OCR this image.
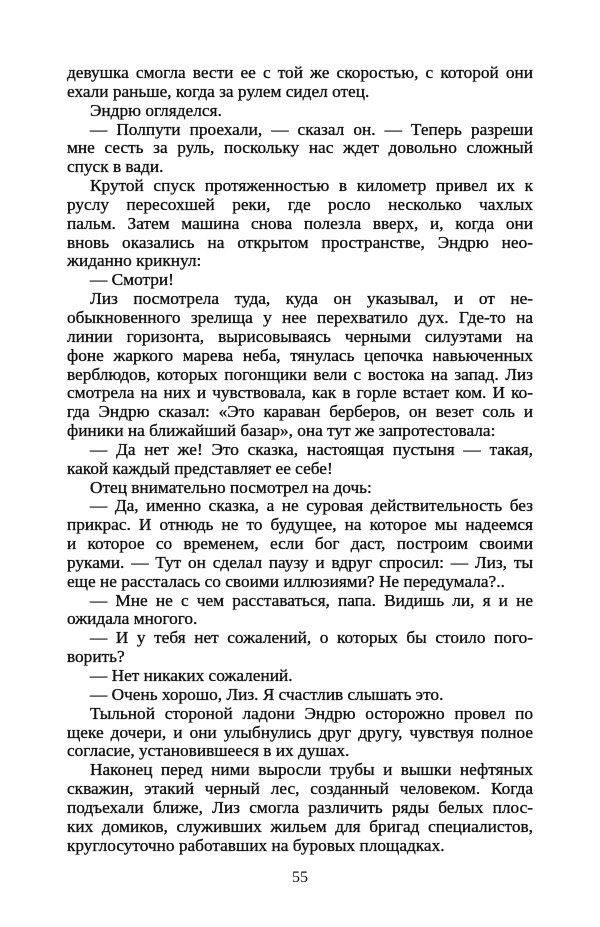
девушка смогла вести ее с той же скоростью, с которой они
ехали раньше, когда за рулем сидел отец.
Эндрю огляделся.
— Полпути проехали, — сказал он. — Теперь разреши
мне сесть за руль, поскольку нас ждет довольно сложный
спуск в вади.
Крутой спуск протяженностью в километр привел их к
руслу пересохшей реки, где росло несколько чахлых
пальм. Затем машина снова полезла вверх, и, когда они
вновь оказались на открытом пространстве, Эндрю нео-
жиданно крикнул:
— Смотри!
Лиз посмотрела туда, куда он указывал, и от не-
обыкновенного зрелища у нее перехватило дух. Где-то на
линии горизонта, вырисовываясь черными силуэтами на
фоне жаркого марева неба, тянулась цепочка навьюченных
верблюдов, которых погонщики вели с востока на запад. Лиз
смотрела на них и чувствовала, как в горле встает ком. И ко-
гда Эндрю сказал: «Это караван берберов, он везет соль и
финики на ближайший базар», она тут же запротестовала:
— Да нет же! Это сказка, настоящая пустыня — такая,
какой каждый представляет ее себе!
Отец внимательно посмотрел на дочь:
— Да, именно сказка, а не суровая действительность без
прикрас. И отнюдь не то будущее, на которое мы надеемся
и которое со временем, если бог даст, построим своими
руками. — Тут он сделал паузу и вдруг спросил: — Лиз, ты
еще не рассталась со своими иллюзиями? Не передумала?..
— Мне не с чем расставаться, папа. Видишь ли, я и не
ожидала многого.
— И у тебя нет сожалений, о которых бы стоило пого-
ворить?
— Нет никаких сожалений.
— Очень хорошо, Лиз. Я счастлив слышать это.
Тыльной стороной ладони Эндрю осторожно провел по
щеке дочери, и они улыбнулись друг другу, чувствуя полное
согласие, установившееся в их душах.
Наконец перед ними выросли трубы и вышки нефтяных
скважин, этакий черный лес, созданный человеком. Когда
подъехали ближе, Лиз смогла различить ряды белых плос-
ких домиков, служивших жильем для бригад специалистов,
круглосуточно работавших на буровых площадках.
55
